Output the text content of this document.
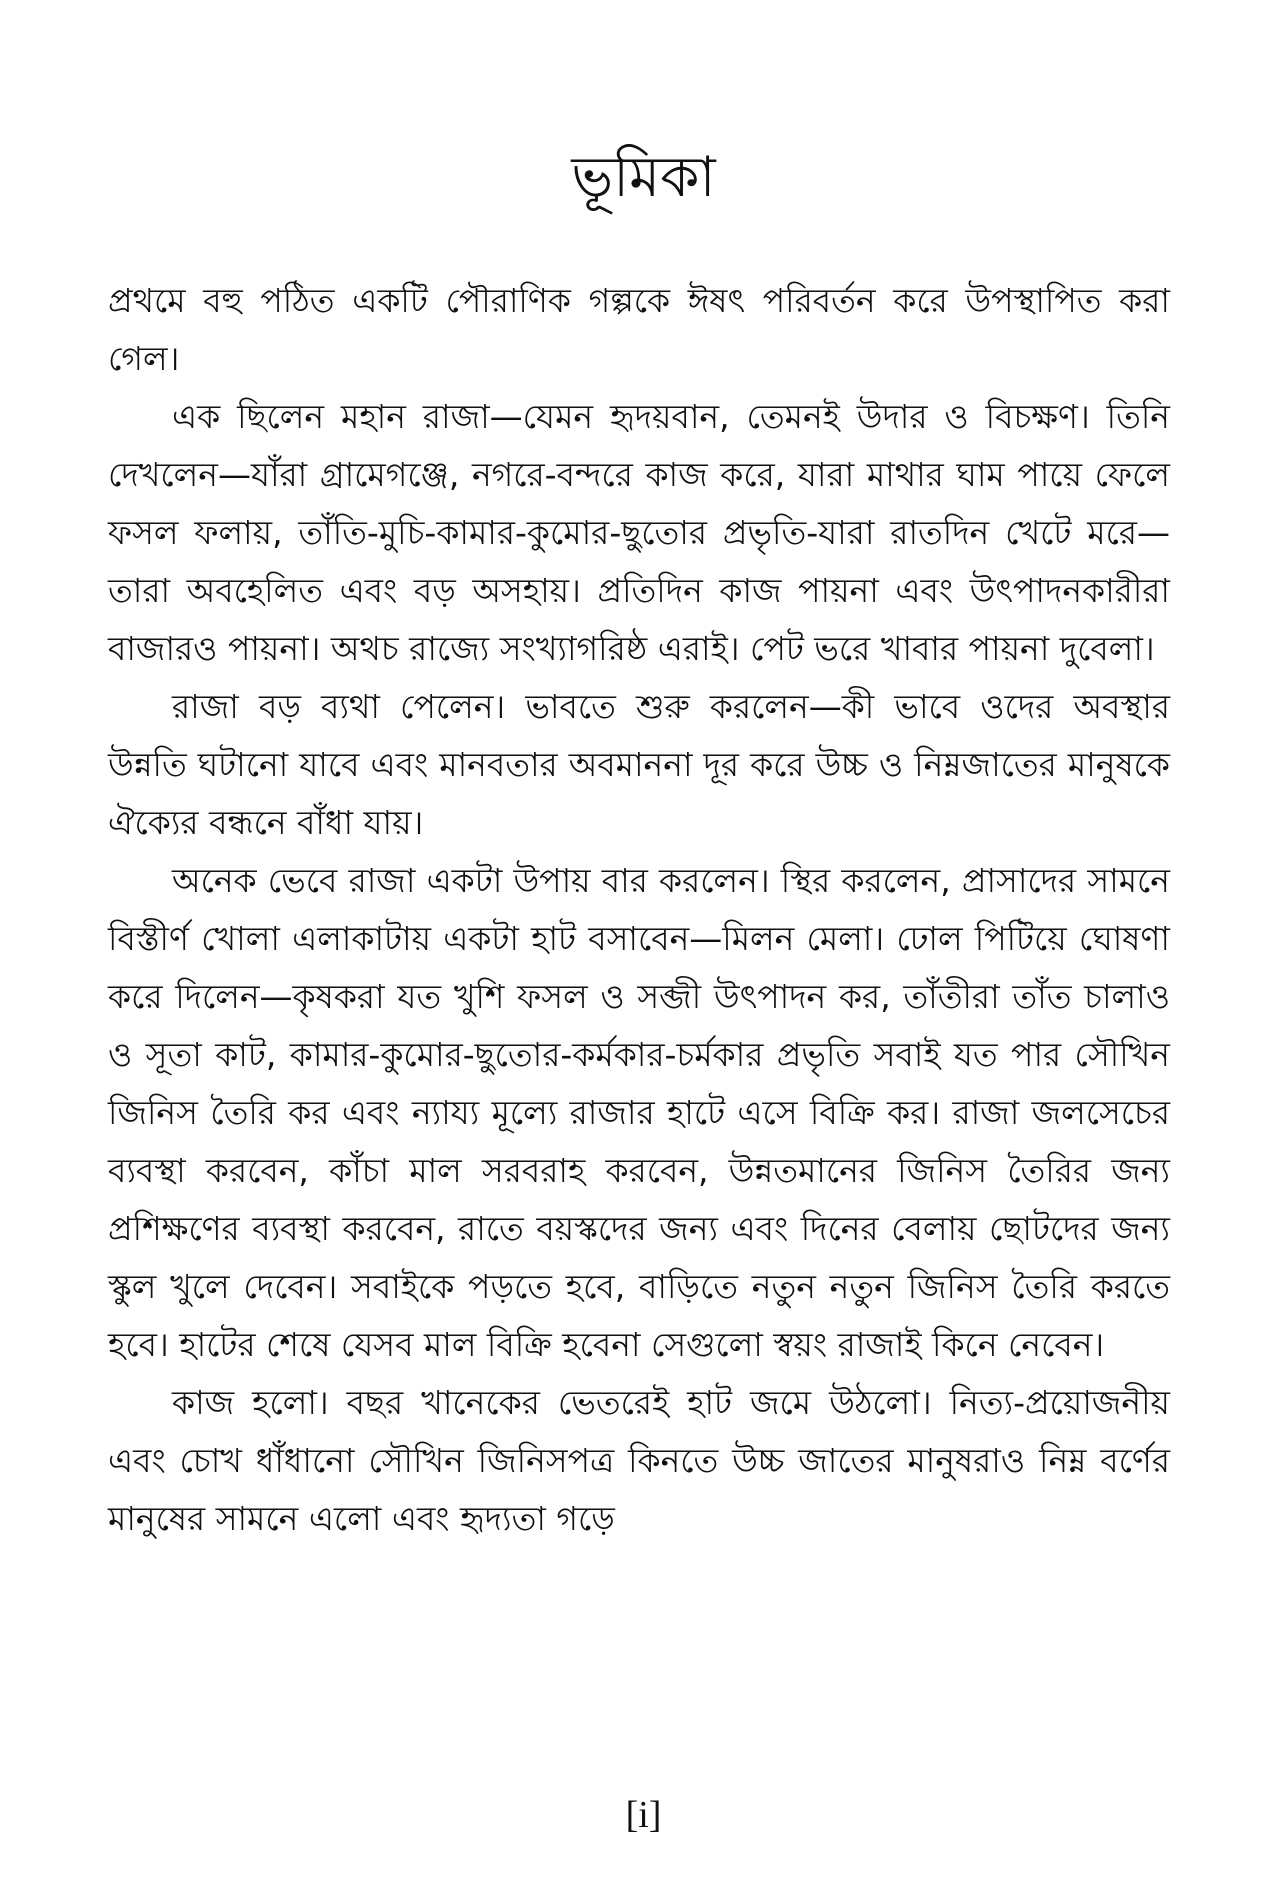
ভূমিকা

প্রথমে বহু পঠিত একটি পৌরাণিক গল্পকে ঈষৎ পরিবর্তন করে উপস্থাপিত করা গেল।

এক ছিলেন মহান রাজা—যেমন হৃদয়বান, তেমনই উদার ও বিচক্ষণ। তিনি দেখলেন—যাঁরা গ্রামেগঞ্জে, নগরে-বন্দরে কাজ করে, যারা মাথার ঘাম পায়ে ফেলে ফসল ফলায়, তাঁতি-মুচি-কামার-কুমোর-ছুতোর প্রভৃতি-যারা রাতদিন খেটে মরে—তারা অবহেলিত এবং বড় অসহায়। প্রতিদিন কাজ পায়না এবং উৎপাদনকারীরা বাজারও পায়না। অথচ রাজ্যে সংখ্যাগরিষ্ঠ এরাই। পেট ভরে খাবার পায়না দুবেলা।

রাজা বড় ব্যথা পেলেন। ভাবতে শুরু করলেন—কী ভাবে ওদের অবস্থার উন্নতি ঘটানো যাবে এবং মানবতার অবমাননা দূর করে উচ্চ ও নিম্নজাতের মানুষকে ঐক্যের বন্ধনে বাঁধা যায়।

অনেক ভেবে রাজা একটা উপায় বার করলেন। স্থির করলেন, প্রাসাদের সামনে বিস্তীর্ণ খোলা এলাকাটায় একটা হাট বসাবেন—মিলন মেলা। ঢোল পিটিয়ে ঘোষণা করে দিলেন—কৃষকরা যত খুশি ফসল ও সব্জী উৎপাদন কর, তাঁতীরা তাঁত চালাও ও সূতা কাট, কামার-কুমোর-ছুতোর-কর্মকার-চর্মকার প্রভৃতি সবাই যত পার সৌখিন জিনিস তৈরি কর এবং ন্যায্য মূল্যে রাজার হাটে এসে বিক্রি কর। রাজা জলসেচের ব্যবস্থা করবেন, কাঁচা মাল সরবরাহ করবেন, উন্নতমানের জিনিস তৈরির জন্য প্রশিক্ষণের ব্যবস্থা করবেন, রাতে বয়স্কদের জন্য এবং দিনের বেলায় ছোটদের জন্য স্কুল খুলে দেবেন। সবাইকে পড়তে হবে, বাড়িতে নতুন নতুন জিনিস তৈরি করতে হবে। হাটের শেষে যেসব মাল বিক্রি হবেনা সেগুলো স্বয়ং রাজাই কিনে নেবেন।

কাজ হলো। বছর খানেকের ভেতরেই হাট জমে উঠলো। নিত্য-প্রয়োজনীয় এবং চোখ ধাঁধানো সৌখিন জিনিসপত্র কিনতে উচ্চ জাতের মানুষরাও নিম্ন বর্ণের মানুষের সামনে এলো এবং হৃদ্যতা গড়ে

[i]
